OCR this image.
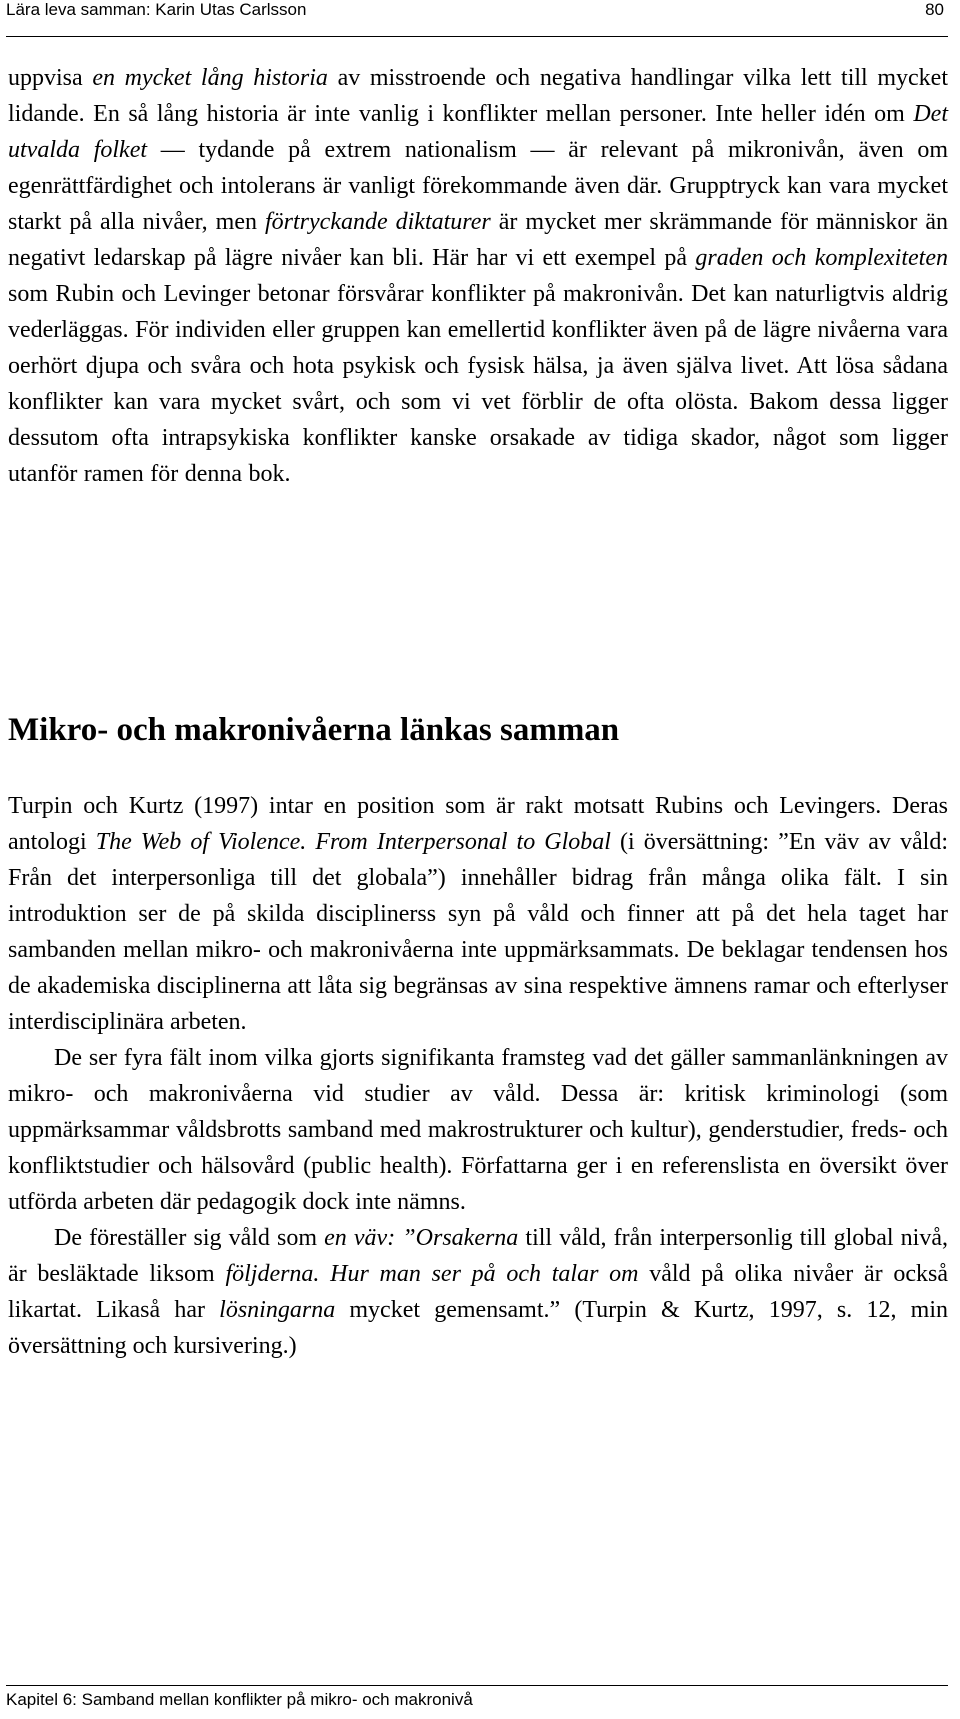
Lära leva samman: Karin Utas Carlsson	80

uppvisa en mycket lång historia av misstroende och negativa handlingar vilka lett till mycket lidande. En så lång historia är inte vanlig i konflikter mellan personer. Inte heller idén om Det utvalda folket — tydande på extrem nationalism — är relevant på mikronivån, även om egenrättfärdighet och intolerans är vanligt förekommande även där. Grupptryck kan vara mycket starkt på alla nivåer, men förtryckande diktaturer är mycket mer skrämmande för människor än negativt ledarskap på lägre nivåer kan bli. Här har vi ett exempel på graden och komplexiteten som Rubin och Levinger betonar försvårar konflikter på makronivån. Det kan naturligtvis aldrig vederläggas. För individen eller gruppen kan emellertid konflikter även på de lägre nivåerna vara oerhört djupa och svåra och hota psykisk och fysisk hälsa, ja även själva livet. Att lösa sådana konflikter kan vara mycket svårt, och som vi vet förblir de ofta olösta. Bakom dessa ligger dessutom ofta intrapsykiska konflikter kanske orsakade av tidiga skador, något som ligger utanför ramen för denna bok.

Mikro- och makronivåerna länkas samman

Turpin och Kurtz (1997) intar en position som är rakt motsatt Rubins och Levingers. Deras antologi The Web of Violence. From Interpersonal to Global (i översättning: ”En väv av våld: Från det interpersonliga till det globala”) innehåller bidrag från många olika fält. I sin introduktion ser de på skilda disciplinerss syn på våld och finner att på det hela taget har sambanden mellan mikro- och makronivåerna inte uppmärksammats. De beklagar tendensen hos de akademiska disciplinerna att låta sig begränsas av sina respektive ämnens ramar och efterlyser interdisciplinära arbeten.

De ser fyra fält inom vilka gjorts signifikanta framsteg vad det gäller sammanlänkningen av mikro- och makronivåerna vid studier av våld. Dessa är: kritisk kriminologi (som uppmärksammar våldsbrotts samband med makrostrukturer och kultur), genderstudier, freds- och konfliktstudier och hälsovård (public health). Författarna ger i en referenslista en översikt över utförda arbeten där pedagogik dock inte nämns.

De föreställer sig våld som en väv: ”Orsakerna till våld, från interpersonlig till global nivå, är besläktade liksom följderna. Hur man ser på och talar om våld på olika nivåer är också likartat. Likaså har lösningarna mycket gemensamt.” (Turpin & Kurtz, 1997, s. 12, min översättning och kursivering.)

Kapitel 6: Samband mellan konflikter på mikro- och makronivå
